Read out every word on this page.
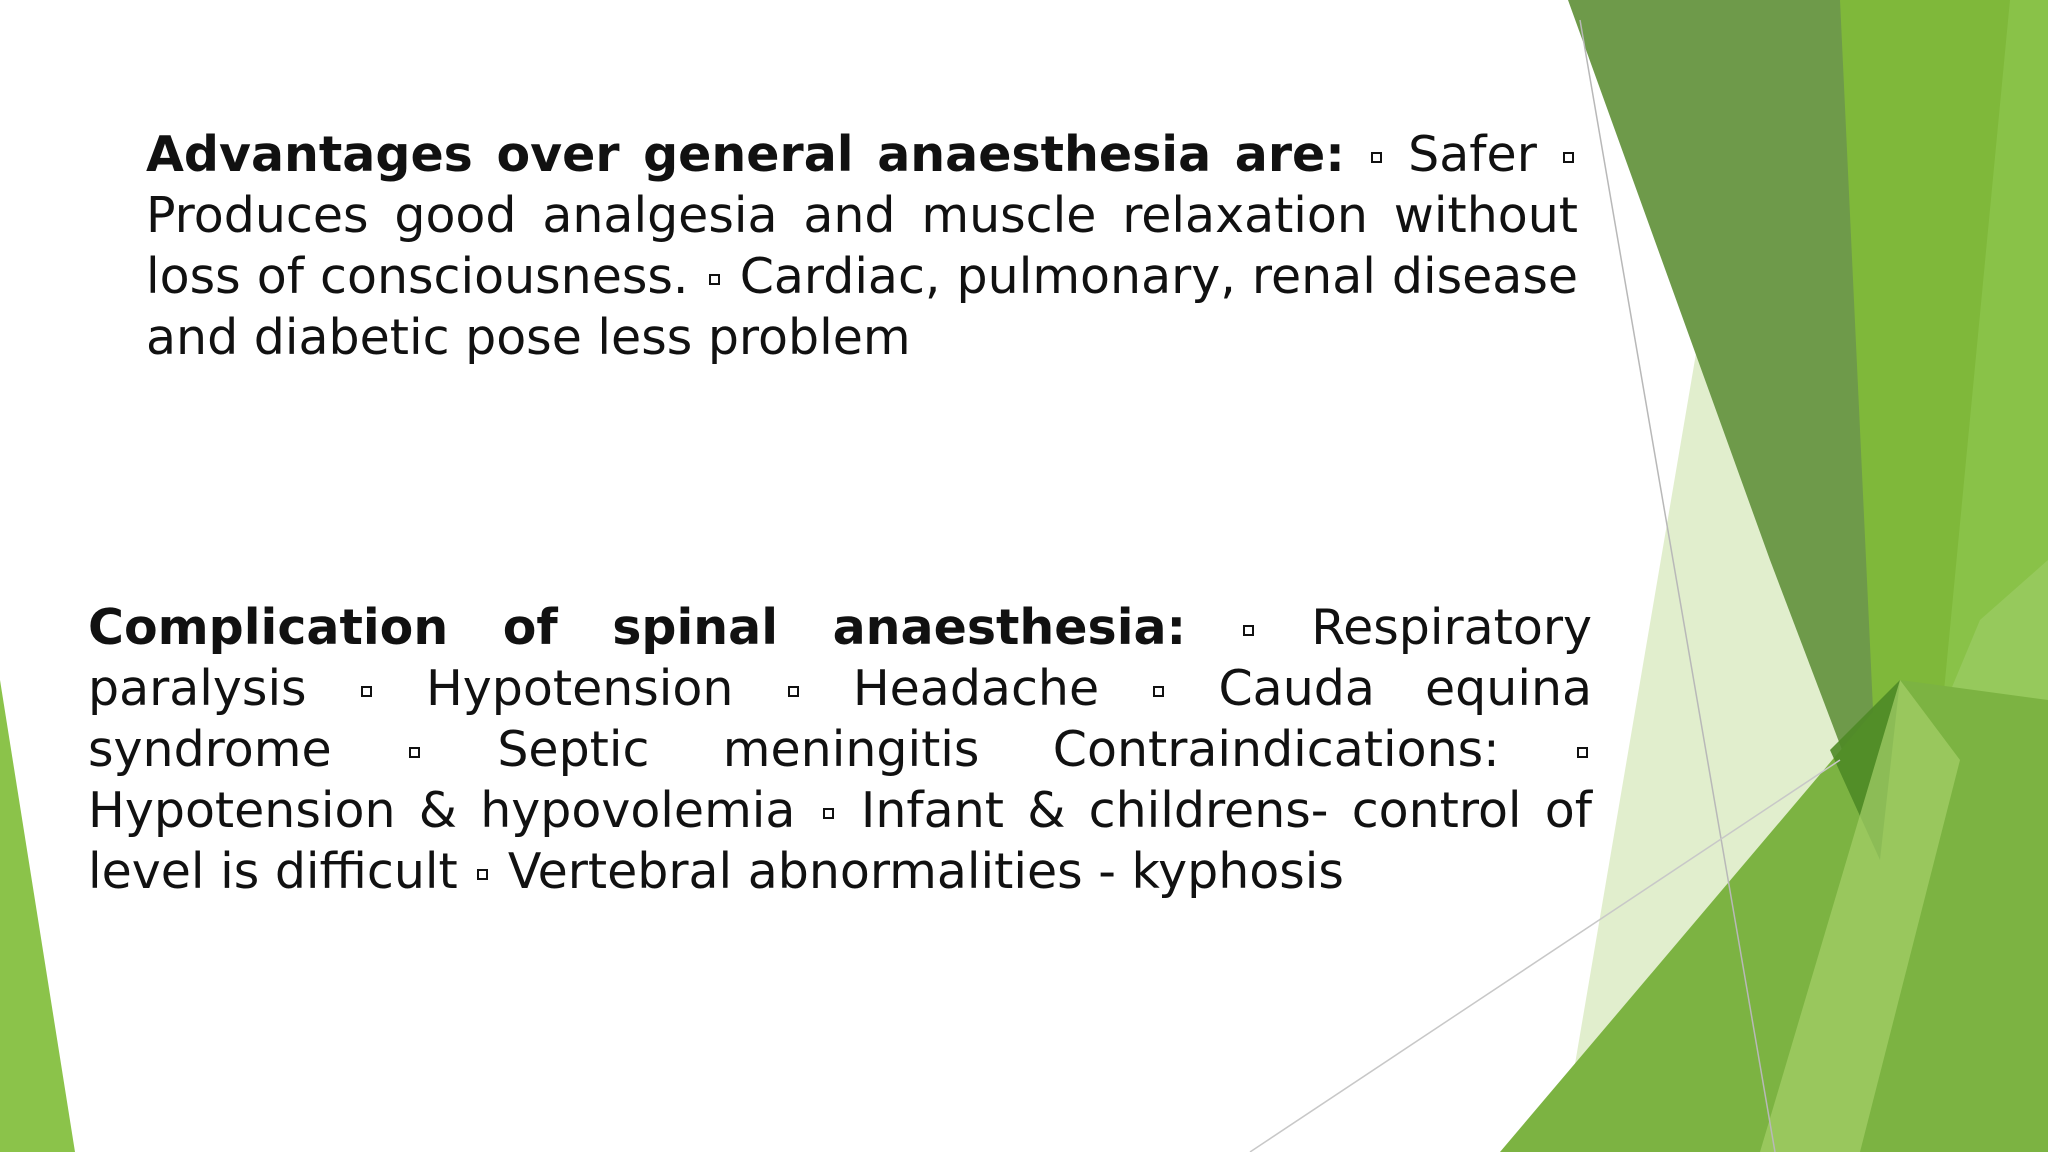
Advantages over general anaesthesia are: Safer  Produces good analgesia and muscle relaxation without loss of consciousness. Cardiac, pulmonary, renal disease and diabetic pose less problem

Complication of spinal anaesthesia:	Respiratory paralysis Hypotension Headache Cauda equina syndrome	Septic meningitis Contraindications:  Hypotension & hypovolemia Infant & childrens- control of level is difficult Vertebral abnormalities - kyphosis
